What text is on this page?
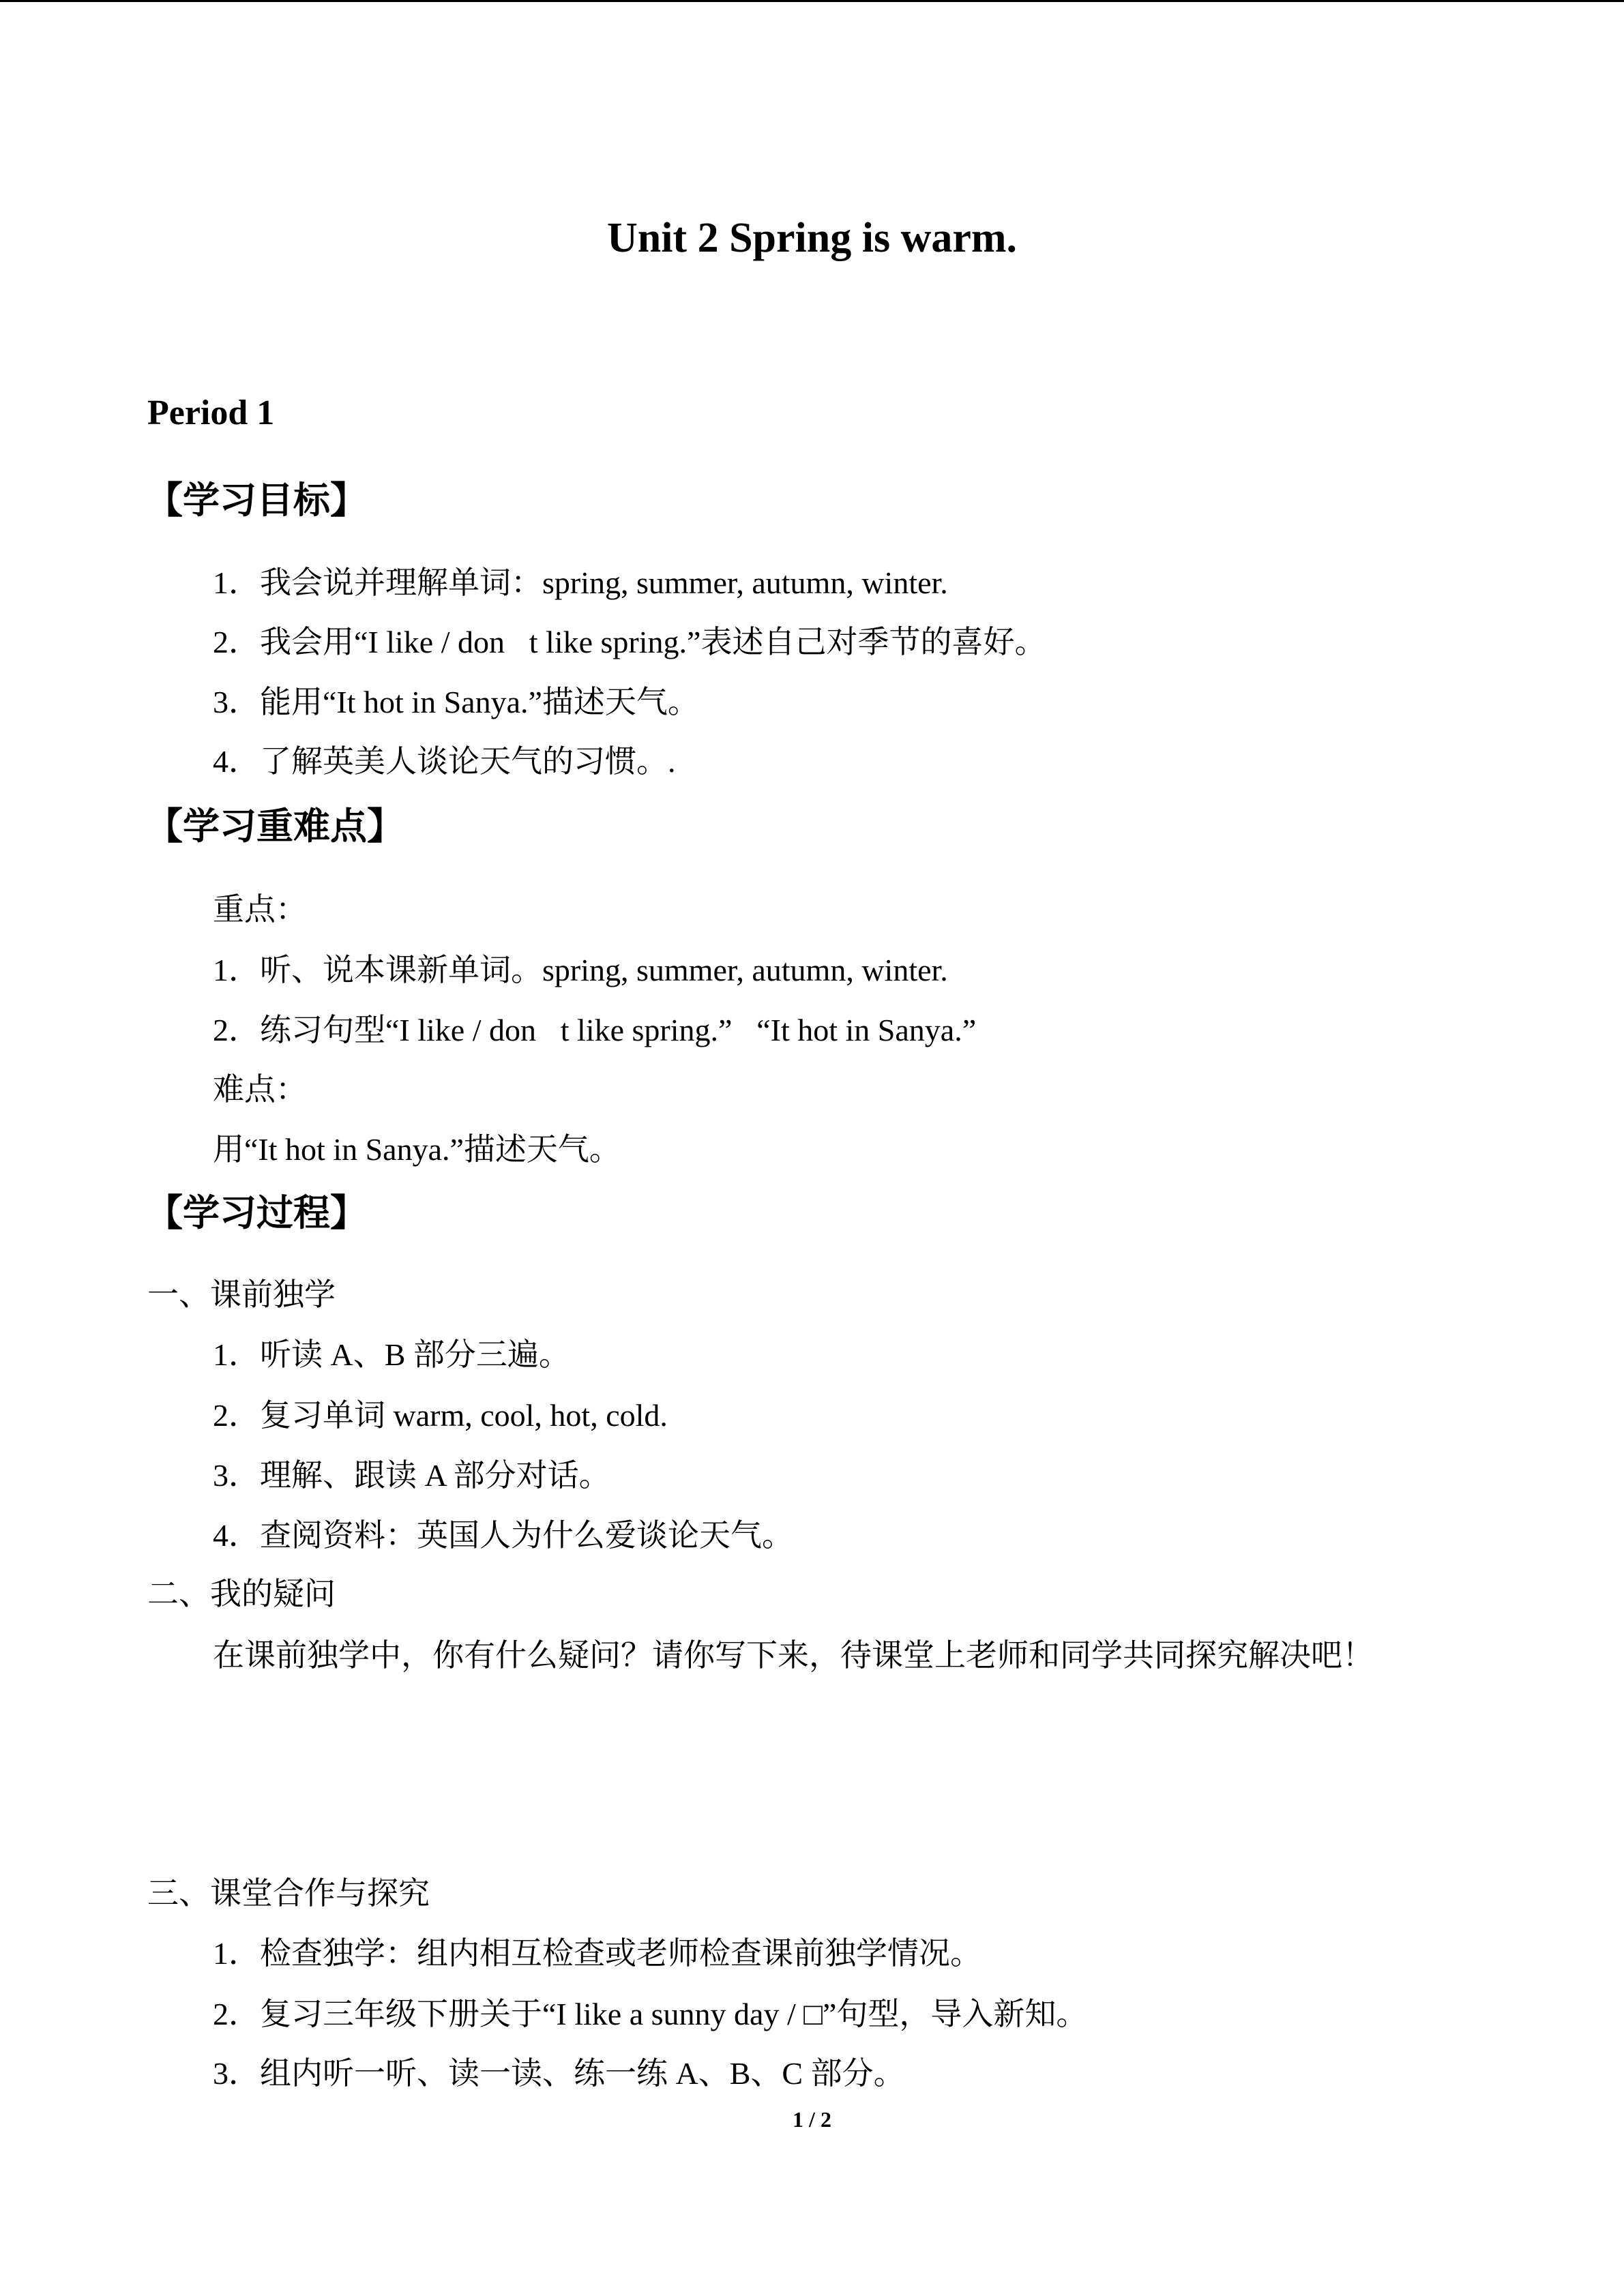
Unit 2 Spring is warm.
Period 1
【学习目标】
1．我会说并理解单词：spring, summer, autumn, winter.
2．我会用“I like / don t like spring.”表述自己对季节的喜好。
3．能用“It hot in Sanya.”描述天气。
4．了解英美人谈论天气的习惯。.
【学习重难点】
重点：
1．听、说本课新单词。spring, summer, autumn, winter.
2．练习句型“I like / don t like spring.”，“It hot in Sanya.”
难点：
用“It hot in Sanya.”描述天气。
【学习过程】
一、课前独学
1．听读 A、B 部分三遍。
2．复习单词 warm, cool, hot, cold.
3．理解、跟读 A 部分对话。
4．查阅资料：英国人为什么爱谈论天气。
二、我的疑问
在课前独学中，你有什么疑问？请你写下来，待课堂上老师和同学共同探究解决吧！
三、课堂合作与探究
1．检查独学：组内相互检查或老师检查课前独学情况。
2．复习三年级下册关于“I like a sunny day / □”句型，导入新知。
3．组内听一听、读一读、练一练 A、B、C 部分。
1 / 2
